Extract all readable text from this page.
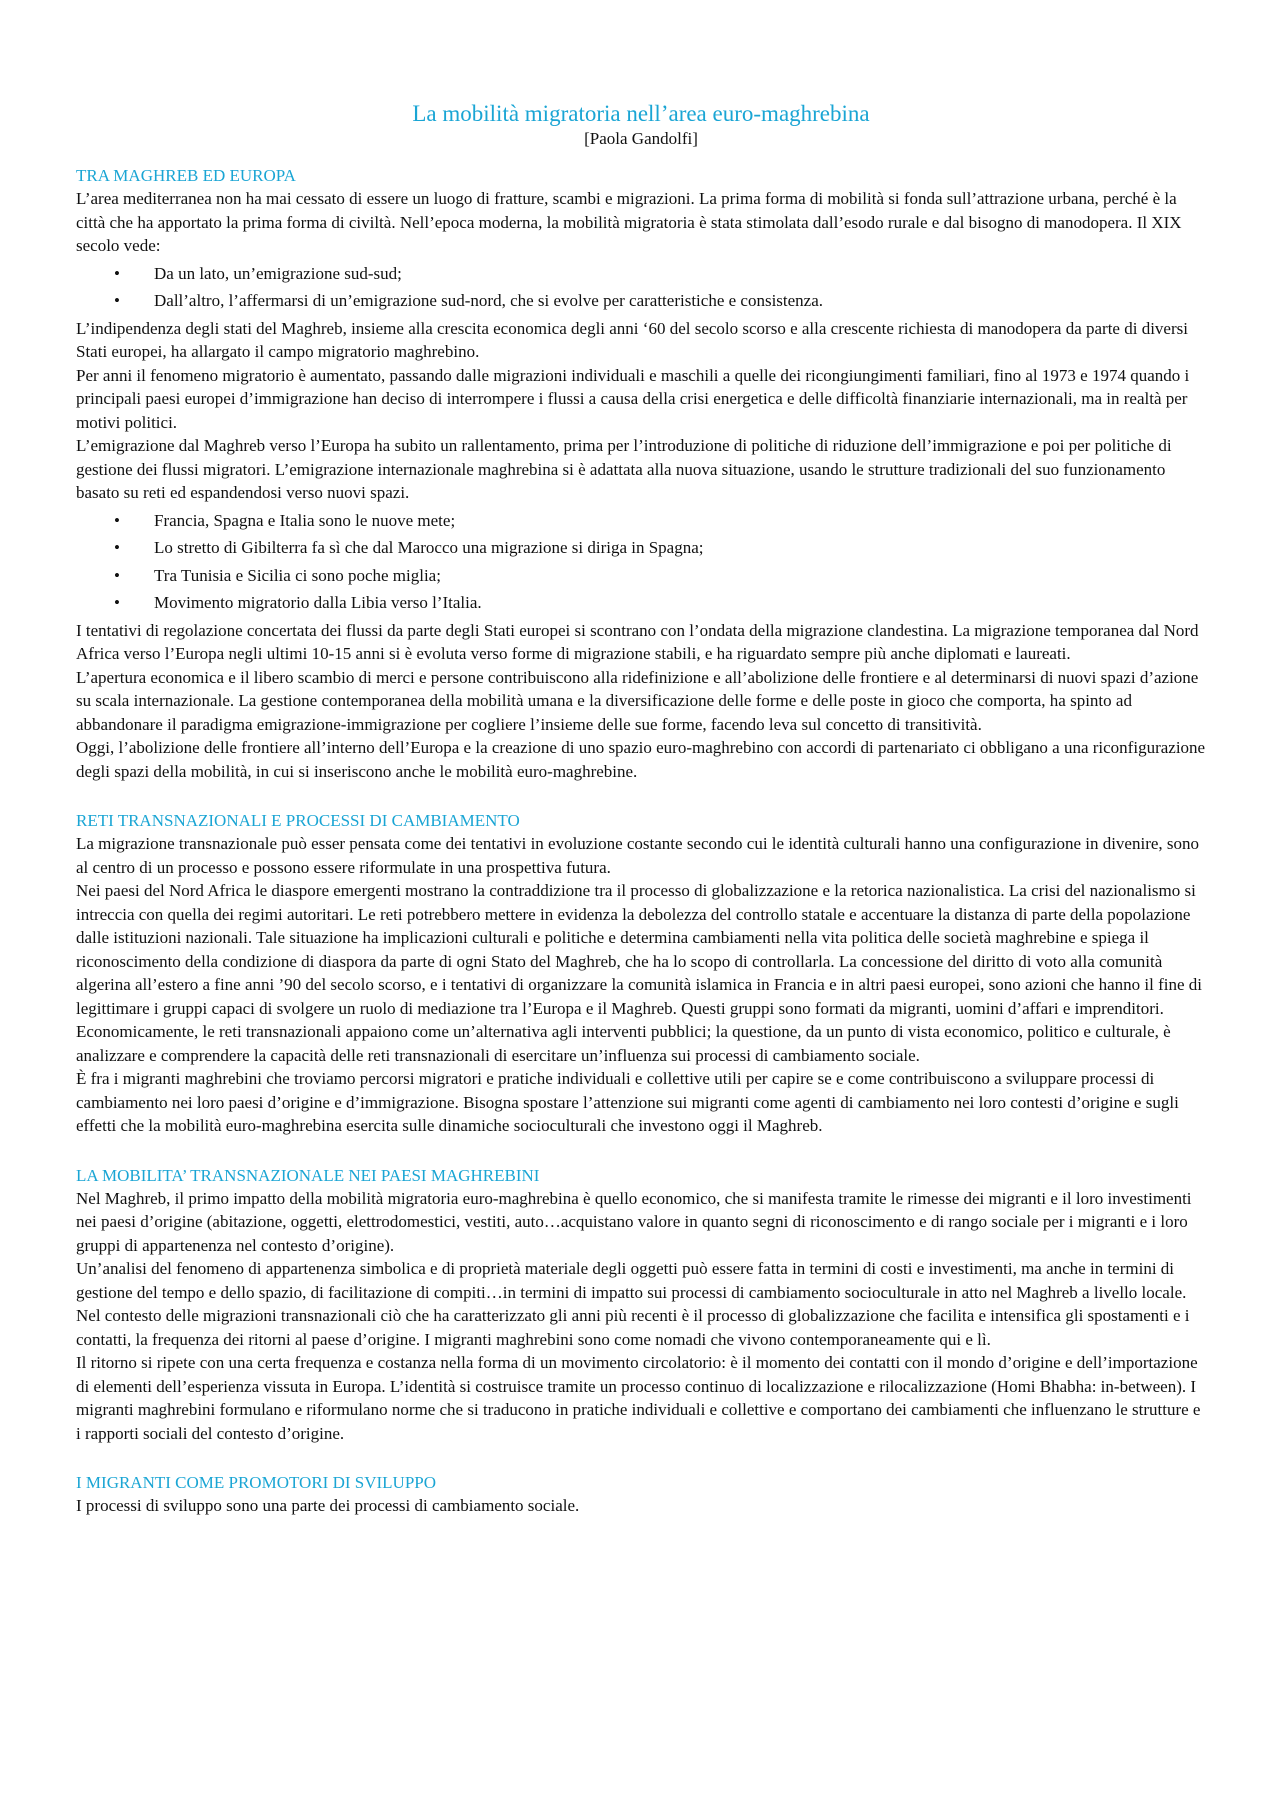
La mobilità migratoria nell’area euro-maghrebina

[Paola Gandolfi]

TRA MAGHREB ED EUROPA

L’area mediterranea non ha mai cessato di essere un luogo di fratture, scambi e migrazioni. La prima forma di mobilità si fonda sull’attrazione urbana, perché è la città che ha apportato la prima forma di civiltà. Nell’epoca moderna, la mobilità migratoria è stata stimolata dall’esodo rurale e dal bisogno di manodopera. Il XIX secolo vede:

• Da un lato, un’emigrazione sud-sud;
• Dall’altro, l’affermarsi di un’emigrazione sud-nord, che si evolve per caratteristiche e consistenza.

L’indipendenza degli stati del Maghreb, insieme alla crescita economica degli anni ‘60 del secolo scorso e alla crescente richiesta di manodopera da parte di diversi Stati europei, ha allargato il campo migratorio maghrebino.

Per anni il fenomeno migratorio è aumentato, passando dalle migrazioni individuali e maschili a quelle dei ricongiungimenti familiari, fino al 1973 e 1974 quando i principali paesi europei d’immigrazione han deciso di interrompere i flussi a causa della crisi energetica e delle difficoltà finanziarie internazionali, ma in realtà per motivi politici.

L’emigrazione dal Maghreb verso l’Europa ha subito un rallentamento, prima per l’introduzione di politiche di riduzione dell’immigrazione e poi per politiche di gestione dei flussi migratori. L’emigrazione internazionale maghrebina si è adattata alla nuova situazione, usando le strutture tradizionali del suo funzionamento basato su reti ed espandendosi verso nuovi spazi.

• Francia, Spagna e Italia sono le nuove mete;
• Lo stretto di Gibilterra fa sì che dal Marocco una migrazione si diriga in Spagna;
• Tra Tunisia e Sicilia ci sono poche miglia;
• Movimento migratorio dalla Libia verso l’Italia.

I tentativi di regolazione concertata dei flussi da parte degli Stati europei si scontrano con l’ondata della migrazione clandestina. La migrazione temporanea dal Nord Africa verso l’Europa negli ultimi 10-15 anni si è evoluta verso forme di migrazione stabili, e ha riguardato sempre più anche diplomati e laureati.

L’apertura economica e il libero scambio di merci e persone contribuiscono alla ridefinizione e all’abolizione delle frontiere e al determinarsi di nuovi spazi d’azione su scala internazionale. La gestione contemporanea della mobilità umana e la diversificazione delle forme e delle poste in gioco che comporta, ha spinto ad abbandonare il paradigma emigrazione-immigrazione per cogliere l’insieme delle sue forme, facendo leva sul concetto di transitività.

Oggi, l’abolizione delle frontiere all’interno dell’Europa e la creazione di uno spazio euro-maghrebino con accordi di partenariato ci obbligano a una riconfigurazione degli spazi della mobilità, in cui si inseriscono anche le mobilità euro-maghrebine.

RETI TRANSNAZIONALI E PROCESSI DI CAMBIAMENTO

La migrazione transnazionale può esser pensata come dei tentativi in evoluzione costante secondo cui le identità culturali hanno una configurazione in divenire, sono al centro di un processo e possono essere riformulate in una prospettiva futura.

Nei paesi del Nord Africa le diaspore emergenti mostrano la contraddizione tra il processo di globalizzazione e la retorica nazionalistica. La crisi del nazionalismo si intreccia con quella dei regimi autoritari. Le reti potrebbero mettere in evidenza la debolezza del controllo statale e accentuare la distanza di parte della popolazione dalle istituzioni nazionali. Tale situazione ha implicazioni culturali e politiche e determina cambiamenti nella vita politica delle società maghrebine e spiega il riconoscimento della condizione di diaspora da parte di ogni Stato del Maghreb, che ha lo scopo di controllarla. La concessione del diritto di voto alla comunità algerina all’estero a fine anni ’90 del secolo scorso, e i tentativi di organizzare la comunità islamica in Francia e in altri paesi europei, sono azioni che hanno il fine di legittimare i gruppi capaci di svolgere un ruolo di mediazione tra l’Europa e il Maghreb. Questi gruppi sono formati da migranti, uomini d’affari e imprenditori.

Economicamente, le reti transnazionali appaiono come un’alternativa agli interventi pubblici; la questione, da un punto di vista economico, politico e culturale, è analizzare e comprendere la capacità delle reti transnazionali di esercitare un’influenza sui processi di cambiamento sociale.

È fra i migranti maghrebini che troviamo percorsi migratori e pratiche individuali e collettive utili per capire se e come contribuiscono a sviluppare processi di cambiamento nei loro paesi d’origine e d’immigrazione. Bisogna spostare l’attenzione sui migranti come agenti di cambiamento nei loro contesti d’origine e sugli effetti che la mobilità euro-maghrebina esercita sulle dinamiche socioculturali che investono oggi il Maghreb.

LA MOBILITA’ TRANSNAZIONALE NEI PAESI MAGHREBINI

Nel Maghreb, il primo impatto della mobilità migratoria euro-maghrebina è quello economico, che si manifesta tramite le rimesse dei migranti e il loro investimenti nei paesi d’origine (abitazione, oggetti, elettrodomestici, vestiti, auto…acquistano valore in quanto segni di riconoscimento e di rango sociale per i migranti e i loro gruppi di appartenenza nel contesto d’origine).

Un’analisi del fenomeno di appartenenza simbolica e di proprietà materiale degli oggetti può essere fatta in termini di costi e investimenti, ma anche in termini di gestione del tempo e dello spazio, di facilitazione di compiti…in termini di impatto sui processi di cambiamento socioculturale in atto nel Maghreb a livello locale.

Nel contesto delle migrazioni transnazionali ciò che ha caratterizzato gli anni più recenti è il processo di globalizzazione che facilita e intensifica gli spostamenti e i contatti, la frequenza dei ritorni al paese d’origine. I migranti maghrebini sono come nomadi che vivono contemporaneamente qui e lì.

Il ritorno si ripete con una certa frequenza e costanza nella forma di un movimento circolatorio: è il momento dei contatti con il mondo d’origine e dell’importazione di elementi dell’esperienza vissuta in Europa. L’identità si costruisce tramite un processo continuo di localizzazione e rilocalizzazione (Homi Bhabha: in-between). I migranti maghrebini formulano e riformulano norme che si traducono in pratiche individuali e collettive e comportano dei cambiamenti che influenzano le strutture e i rapporti sociali del contesto d’origine.

I MIGRANTI COME PROMOTORI DI SVILUPPO

I processi di sviluppo sono una parte dei processi di cambiamento sociale.
